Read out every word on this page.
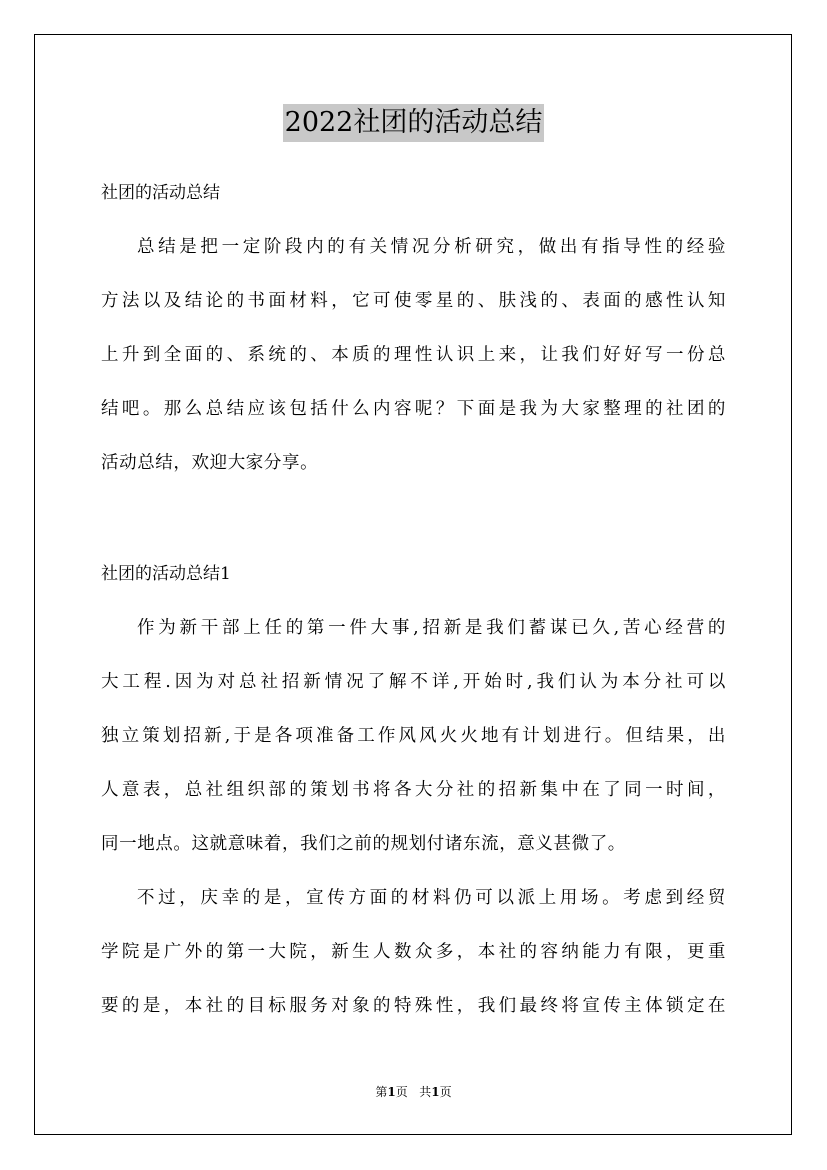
2022社团的活动总结
社团的活动总结
总结是把一定阶段内的有关情况分析研究，做出有指导性的经验
方法以及结论的书面材料，它可使零星的、肤浅的、表面的感性认知
上升到全面的、系统的、本质的理性认识上来，让我们好好写一份总
结吧。那么总结应该包括什么内容呢？下面是我为大家整理的社团的
活动总结，欢迎大家分享。
社团的活动总结1
作为新干部上任的第一件大事,招新是我们蓄谋已久,苦心经营的
大工程.因为对总社招新情况了解不详,开始时,我们认为本分社可以
独立策划招新,于是各项准备工作风风火火地有计划进行。但结果，出
人意表，总社组织部的策划书将各大分社的招新集中在了同一时间，
同一地点。这就意味着，我们之前的规划付诸东流，意义甚微了。
不过，庆幸的是，宣传方面的材料仍可以派上用场。考虑到经贸
学院是广外的第一大院，新生人数众多，本社的容纳能力有限，更重
要的是，本社的目标服务对象的特殊性，我们最终将宣传主体锁定在
第1页 共1页
